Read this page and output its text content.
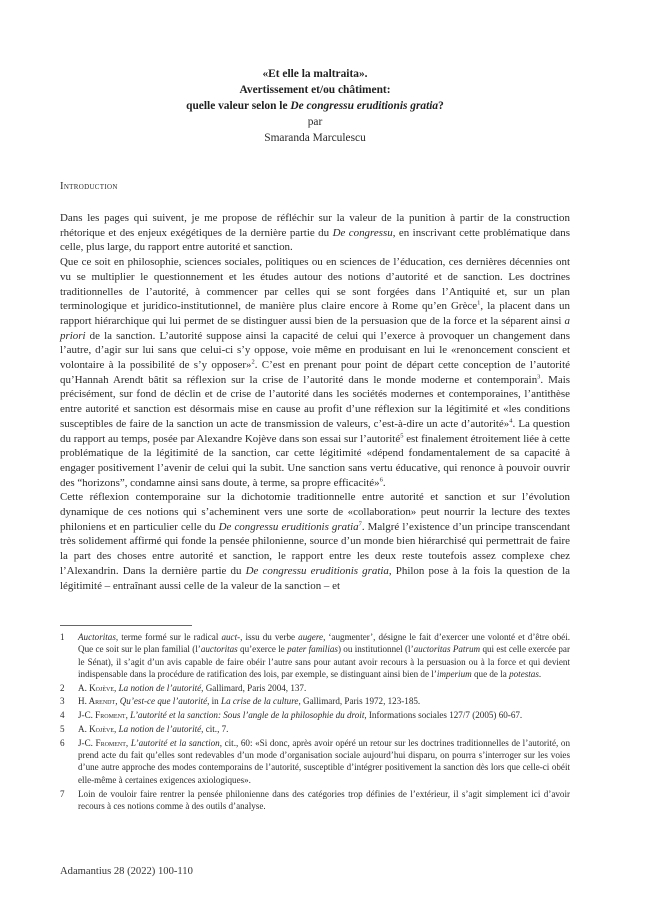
«Et elle la maltraita».
Avertissement et/ou châtiment:
quelle valeur selon le De congressu eruditionis gratia?
par
Smaranda Marculescu
Introduction

Dans les pages qui suivent, je me propose de réfléchir sur la valeur de la punition à partir de la construction rhétorique et des enjeux exégétiques de la dernière partie du De congressu, en inscrivant cette problématique dans celle, plus large, du rapport entre autorité et sanction.

Que ce soit en philosophie, sciences sociales, politiques ou en sciences de l’éducation, ces dernières décennies ont vu se multiplier le questionnement et les études autour des notions d’autorité et de sanction. Les doctrines traditionnelles de l’autorité, à commencer par celles qui se sont forgées dans l’Antiquité et, sur un plan terminologique et juridico-institutionnel, de manière plus claire encore à Rome qu’en Grèce$^1$, la placent dans un rapport hiérarchique qui lui permet de se distinguer aussi bien de la persuasion que de la force et la séparent ainsi a priori de la sanction. L’autorité suppose ainsi la capacité de celui qui l’exerce à provoquer un changement dans l’autre, d’agir sur lui sans que celui-ci s’y oppose, voie même en produisant en lui le «renoncement conscient et volontaire à la possibilité de s’y opposer»$^2$. C’est en prenant pour point de départ cette conception de l’autorité qu’Hannah Arendt bâtit sa réflexion sur la crise de l’autorité dans le monde moderne et contemporain$^3$. Mais précisément, sur fond de déclin et de crise de l’autorité dans les sociétés modernes et contemporaines, l’antithèse entre autorité et sanction est désormais mise en cause au profit d’une réflexion sur la légitimité et «les conditions susceptibles de faire de la sanction un acte de transmission de valeurs, c’est-à-dire un acte d’autorité»$^4$. La question du rapport au temps, posée par Alexandre Kojève dans son essai sur l’autorité$^5$ est finalement étroitement liée à cette problématique de la légitimité de la sanction, car cette légitimité «dépend fondamentalement de sa capacité à engager positivement l’avenir de celui qui la subit. Une sanction sans vertu éducative, qui renonce à pouvoir ouvrir des “horizons”, condamne ainsi sans doute, à terme, sa propre efficacité»$^6$.

Cette réflexion contemporaine sur la dichotomie traditionnelle entre autorité et sanction et sur l’évolution dynamique de ces notions qui s’acheminent vers une sorte de «collaboration» peut nourrir la lecture des textes philoniens et en particulier celle du De congressu eruditionis gratia$^7$. Malgré l’existence d’un principe transcendant très solidement affirmé qui fonde la pensée philonienne, source d’un monde bien hiérarchisé qui permettrait de faire la part des choses entre autorité et sanction, le rapport entre les deux reste toutefois assez complexe chez l’Alexandrin. Dans la dernière partie du De congressu eruditionis gratia, Philon pose à la fois la question de la légitimité – entraînant aussi celle de la valeur de la sanction – et

1 Auctoritas, terme formé sur le radical auct-, issu du verbe augere, ‘augmenter’, désigne le fait d’exercer une volonté et d’être obéi. Que ce soit sur le plan familial (l’auctoritas qu’exerce le pater familias) ou institutionnel (l’auctoritas Patrum qui est celle exercée par le Sénat), il s’agit d’un avis capable de faire obéir l’autre sans pour autant avoir recours à la persuasion ou à la force et qui devient indispensable dans la procédure de ratification des lois, par exemple, se distinguant ainsi bien de l’imperium que de la potestas.

2 A. Kojève, La notion de l’autorité, Gallimard, Paris 2004, 137.

3 H. Arendt, Qu’est-ce que l’autorité, in La crise de la culture, Gallimard, Paris 1972, 123-185.

4 J-C. Froment, L’autorité et la sanction: Sous l’angle de la philosophie du droit, Informations sociales 127/7 (2005) 60-67.

5 A. Kojève, La notion de l’autorité, cit., 7.

6 J-C. Froment, L’autorité et la sanction, cit., 60: «Si donc, après avoir opéré un retour sur les doctrines traditionnelles de l’autorité, on prend acte du fait qu’elles sont redevables d’un mode d’organisation sociale aujourd’hui disparu, on pourra s’interroger sur les voies d’une autre approche des modes contemporains de l’autorité, susceptible d’intégrer positivement la sanction dès lors que celle-ci obéit elle-même à certaines exigences axiologiques».

7 Loin de vouloir faire rentrer la pensée philonienne dans des catégories trop définies de l’extérieur, il s’agit simplement ici d’avoir recours à ces notions comme à des outils d’analyse.

Adamantius 28 (2022) 100-110
